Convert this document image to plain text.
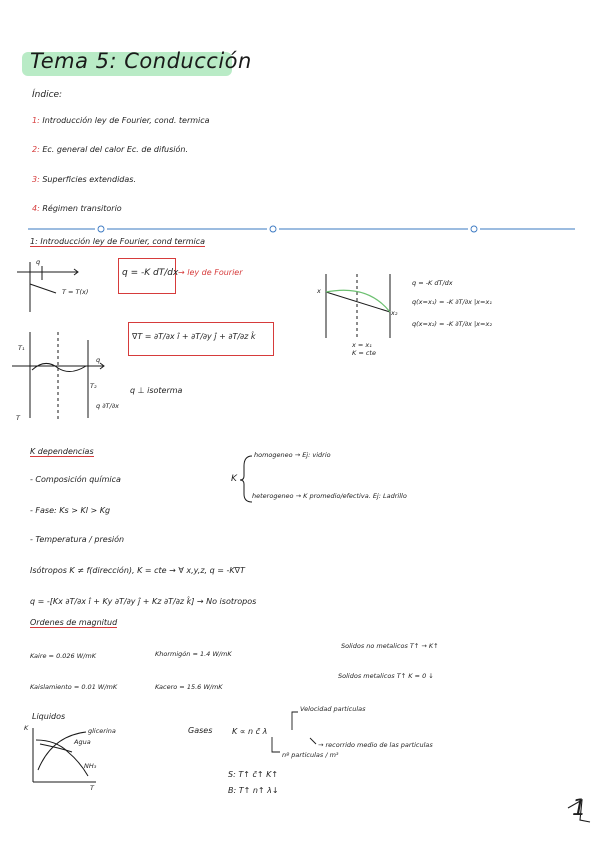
Tema 5: Conducción
Índice:
1: Introducción ley de Fourier, cond. termica
2: Ec. general del calor Ec. de difusión.
3: Superficies extendidas.
4: Régimen transitorio
1: Introducción ley de Fourier, cond termica
q
T = T(x)
q = -K dT/dx → ley de Fourier
∇T = ∂T/∂x î + ∂T/∂y ĵ + ∂T/∂z k̂
T₁
T₂
q
q ∂T/∂x
T
q ⊥ isoterma
x
x₂
x = x₁
K = cte
q = -K dT/dx
q(x=x₁) = -K ∂T/∂x |x=x₁
q(x=x₂) = -K ∂T/∂x |x=x₂
K dependencias
- Composición química
- Fase: Ks > Kl > Kg
- Temperatura / presión
K
homogeneo → Ej: vidrio
heterogeneo → K promedio/efectiva. Ej: Ladrillo
Isótropos K ≠ f(dirección), K = cte → ∀ x,y,z, q = -K∇T
q = -[Kx ∂T/∂x î + Ky ∂T/∂y ĵ + Kz ∂T/∂z k̂] → No isotropos
Ordenes de magnitud
Kaire = 0.026 W/mK	Khormigón ≈ 1.4 W/mK
Kaislamiento = 0.01 W/mK	Kacero = 15.6 W/mK
Solidos no metalicos T↑ → K↑
Solidos metalicos T↑ K ≈ 0 ↓
Liquidos
K
T
glicerina
Agua
NH₃
Gases K ∝ n c̄ λ
Velocidad particulas
→ recorrido medio de las particulas
nº particulas / m³
S: T↑ c̄↑ K↑
B: T↑ n↑ λ↓
1
